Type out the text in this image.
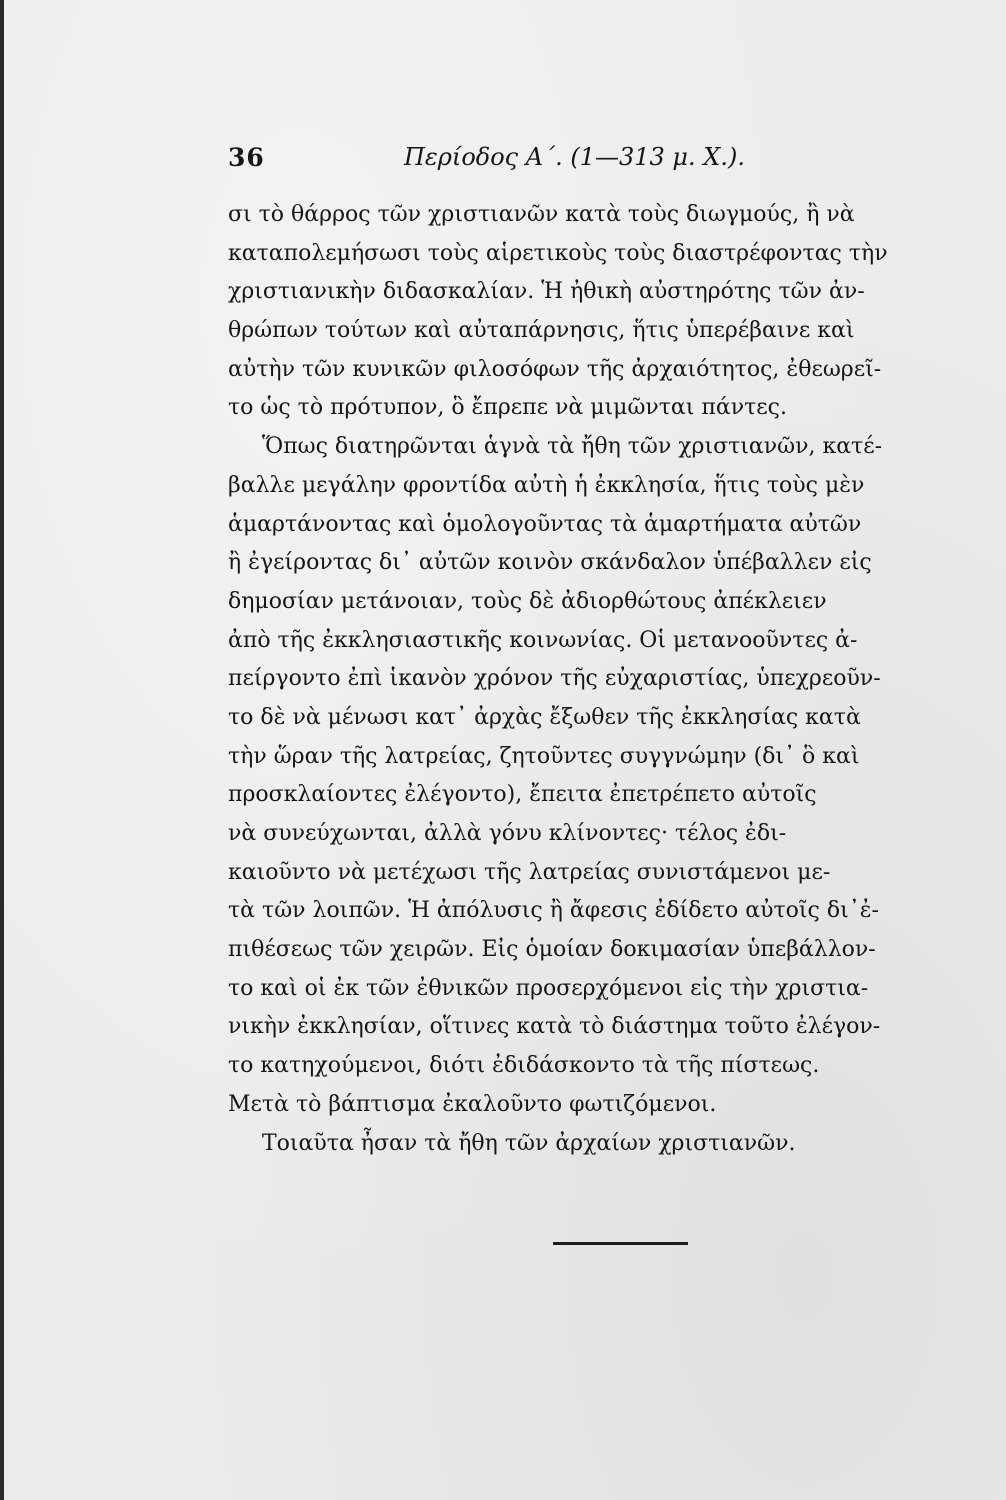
36	Περίοδος Α΄. (1—313 μ. Χ.).
σι τὸ θάρρος τῶν χριστιανῶν κατὰ τοὺς διωγμούς, ἢ νὰ
καταπολεμήσωσι τοὺς αἱρετικοὺς τοὺς διαστρέφοντας τὴν
χριστιανικὴν διδασκαλίαν. Ἡ ἠθικὴ αὐστηρότης τῶν ἀν-
θρώπων τούτων καὶ αὐταπάρνησις, ἥτις ὑπερέβαινε καὶ
αὐτὴν τῶν κυνικῶν φιλοσόφων τῆς ἀρχαιότητος, ἐθεωρεῖ-
το ὡς τὸ πρότυπον, ὃ ἔπρεπε νὰ μιμῶνται πάντες.
Ὅπως διατηρῶνται ἁγνὰ τὰ ἤθη τῶν χριστιανῶν, κατέ-
βαλλε μεγάλην φροντίδα αὐτὴ ἡ ἐκκλησία, ἥτις τοὺς μὲν
ἁμαρτάνοντας καὶ ὁμολογοῦντας τὰ ἁμαρτήματα αὐτῶν
ἢ ἐγείροντας δι᾽ αὐτῶν κοινὸν σκάνδαλον ὑπέβαλλεν εἰς
δημοσίαν μετάνοιαν, τοὺς δὲ ἀδιορθώτους ἀπέκλειεν
ἀπὸ τῆς ἐκκλησιαστικῆς κοινωνίας. Οἱ μετανοοῦντες ἀ-
πείργοντο ἐπὶ ἱκανὸν χρόνον τῆς εὐχαριστίας, ὑπεχρεοῦν-
το δὲ νὰ μένωσι κατ᾽ ἀρχὰς ἔξωθεν τῆς ἐκκλησίας κατὰ
τὴν ὥραν τῆς λατρείας, ζητοῦντες συγγνώμην (δι᾽ ὃ καὶ
προσκλαίοντες ἐλέγοντο), ἔπειτα ἐπετρέπετο αὐτοῖς
νὰ συνεύχωνται, ἀλλὰ γόνυ κλίνοντες· τέλος ἐδι-
καιοῦντο νὰ μετέχωσι τῆς λατρείας συνιστάμενοι με-
τὰ τῶν λοιπῶν. Ἡ ἀπόλυσις ἢ ἄφεσις ἐδίδετο αὐτοῖς δι᾽ἐ-
πιθέσεως τῶν χειρῶν. Εἰς ὁμοίαν δοκιμασίαν ὑπεβάλλον-
το καὶ οἱ ἐκ τῶν ἐθνικῶν προσερχόμενοι εἰς τὴν χριστια-
νικὴν ἐκκλησίαν, οἵτινες κατὰ τὸ διάστημα τοῦτο ἐλέγον-
το κατηχούμενοι, διότι ἐδιδάσκοντο τὰ τῆς πίστεως.
Μετὰ τὸ βάπτισμα ἐκαλοῦντο φωτιζόμενοι.
Τοιαῦτα ἦσαν τὰ ἤθη τῶν ἀρχαίων χριστιανῶν.
